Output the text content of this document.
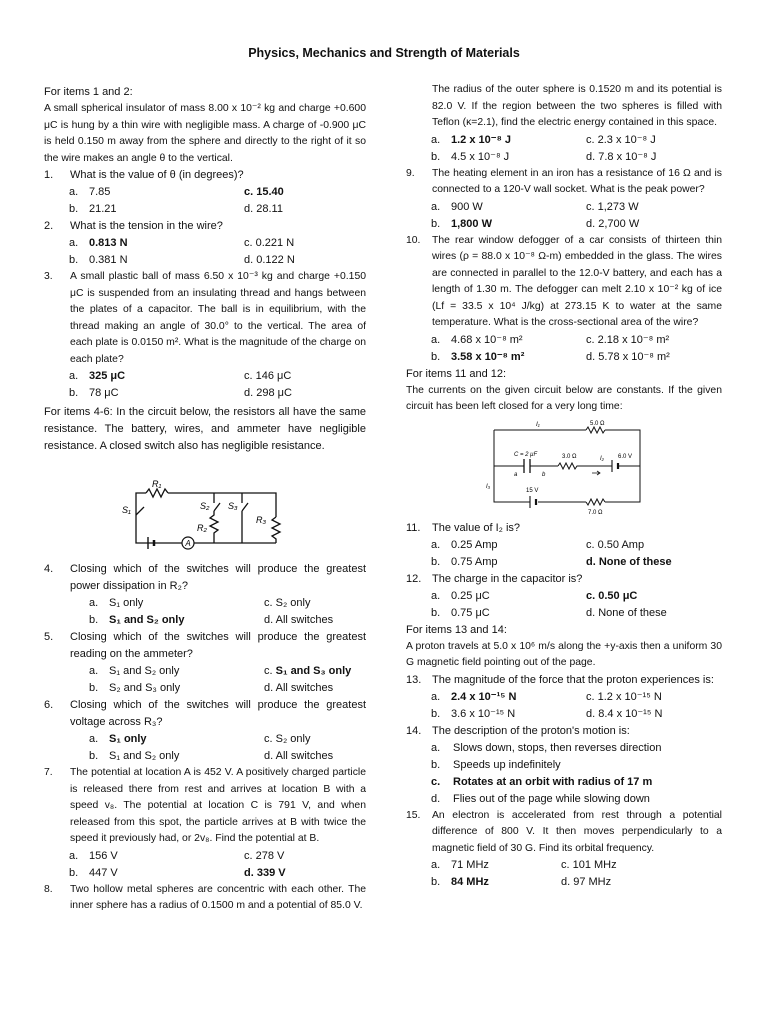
Physics, Mechanics and Strength of Materials
For items 1 and 2:
A small spherical insulator of mass 8.00 x 10⁻² kg and charge +0.600 μC is hung by a thin wire with negligible mass. A charge of -0.900 μC is held 0.150 m away from the sphere and directly to the right of it so the wire makes an angle θ to the vertical.
1.	What is the value of θ (in degrees)?
a. 7.85	c. 15.40
b. 21.21	d. 28.11
2.	What is the tension in the wire?
a. 0.813 N	c. 0.221 N
b. 0.381 N	d. 0.122 N
3.	A small plastic ball of mass 6.50 x 10⁻³ kg and charge +0.150 μC is suspended from an insulating thread and hangs between the plates of a capacitor. The ball is in equilibrium, with the thread making an angle of 30.0° to the vertical. The area of each plate is 0.0150 m². What is the magnitude of the charge on each plate?
a. 325 μC	c. 146 μC
b. 78 μC	d. 298 μC
For items 4-6: In the circuit below, the resistors all have the same resistance. The battery, wires, and ammeter have negligible resistance. A closed switch also has negligible resistance.
A
S₁
R₁
S₂ S₃
R₂
R₃
4.	Closing which of the switches will produce the greatest power dissipation in R₂?
a. S₁ only	c. S₂ only
b. S₁ and S₂ only	d. All switches
5.	Closing which of the switches will produce the greatest reading on the ammeter?
a. S₁ and S₂ only	c. S₁ and S₃ only
b. S₂ and S₃ only	d. All switches
6.	Closing which of the switches will produce the greatest voltage across R₃?
a. S₁ only	c. S₂ only
b. S₁ and S₂ only	d. All switches
7.	The potential at location A is 452 V. A positively charged particle is released there from rest and arrives at location B with a speed v₈. The potential at location C is 791 V, and when released from this spot, the particle arrives at B with twice the speed it previously had, or 2v₈. Find the potential at B.
a. 156 V	c. 278 V
b. 447 V	d. 339 V
8.	Two hollow metal spheres are concentric with each other. The inner sphere has a radius of 0.1500 m and a potential of 85.0 V.
The radius of the outer sphere is 0.1520 m and its potential is 82.0 V. If the region between the two spheres is filled with Teflon (κ=2.1), find the electric energy contained in this space.
a. 1.2 x 10⁻⁸ J	c. 2.3 x 10⁻⁸ J
b. 4.5 x 10⁻⁸ J	d. 7.8 x 10⁻⁸ J
9.	The heating element in an iron has a resistance of 16 Ω and is connected to a 120-V wall socket. What is the peak power?
a. 900 W	c. 1,273 W
b. 1,800 W	d. 2,700 W
10.	The rear window defogger of a car consists of thirteen thin wires (ρ = 88.0 x 10⁻⁸ Ω-m) embedded in the glass. The wires are connected in parallel to the 12.0-V battery, and each has a length of 1.30 m. The defogger can melt 2.10 x 10⁻² kg of ice (Lf = 33.5 x 10⁴ J/kg) at 273.15 K to water at the same temperature. What is the cross-sectional area of the wire?
a. 4.68 x 10⁻⁸ m²	c. 2.18 x 10⁻⁸ m²
b. 3.58 x 10⁻⁸ m²	d. 5.78 x 10⁻⁸ m²
For items 11 and 12:
The currents on the given circuit below are constants. If the given circuit has been left closed for a very long time:
I₁	5.0 Ω
C = 2 μF	3.0 Ω	I₂ 6.0 V
a	b
I₃
15 V
7.0 Ω
11.	The value of I₂ is?
a. 0.25 Amp	c. 0.50 Amp
b. 0.75 Amp	d. None of these
12. The charge in the capacitor is?
a. 0.25 μC	c. 0.50 μC
b. 0.75 μC	d. None of these
For items 13 and 14:
A proton travels at 5.0 x 10⁶ m/s along the +y-axis then a uniform 30 G magnetic field pointing out of the page.
13. The magnitude of the force that the proton experiences is:
a. 2.4 x 10⁻¹⁵ N	c. 1.2 x 10⁻¹⁵ N
b. 3.6 x 10⁻¹⁵ N	d. 8.4 x 10⁻¹⁵ N
14. The description of the proton's motion is:
a.	Slows down, stops, then reverses direction
b.	Speeds up indefinitely
c.	Rotates at an orbit with radius of 17 m
d.	Flies out of the page while slowing down
15.	An electron is accelerated from rest through a potential difference of 800 V. It then moves perpendicularly to a magnetic field of 30 G. Find its orbital frequency.
a. 71 MHz	c. 101 MHz
b. 84 MHz	d. 97 MHz
